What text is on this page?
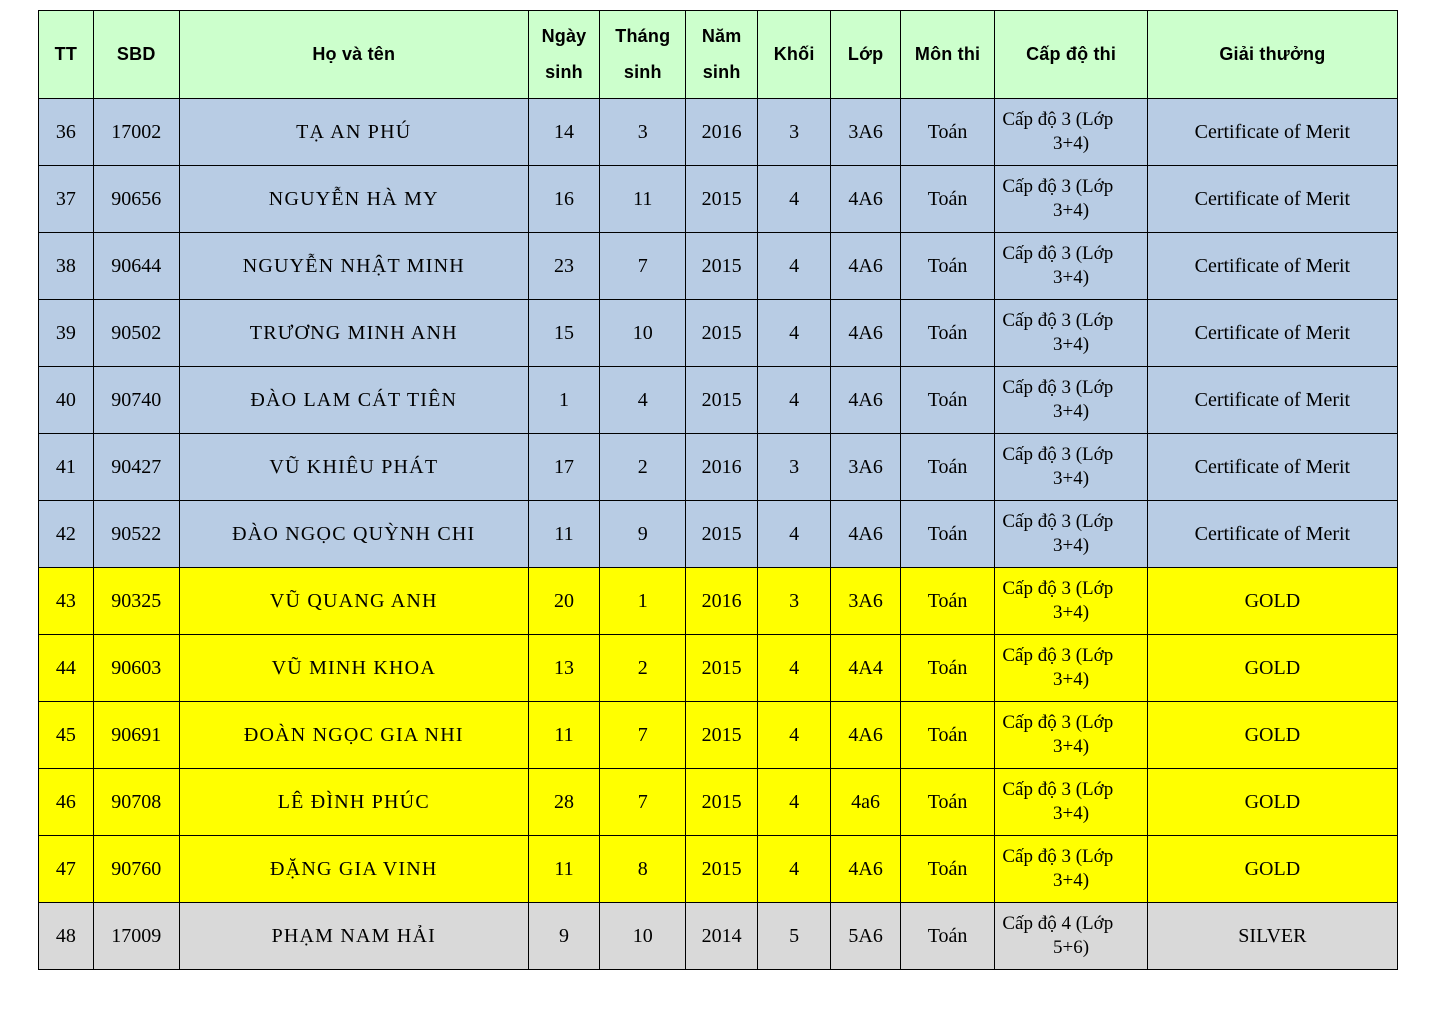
TT	SBD	Họ và tên	Ngày
sinh	Tháng
sinh	Năm
sinh	Khối	Lớp	Môn thi	Cấp độ thi	Giải thưởng
36	17002	TẠ AN PHÚ	14	3	2016	3	3A6	Toán	Cấp độ 3 (Lớp
3+4)	Certificate of Merit
37	90656	NGUYỄN HÀ MY	16	11	2015	4	4A6	Toán	Cấp độ 3 (Lớp
3+4)	Certificate of Merit
38	90644	NGUYỄN NHẬT MINH	23	7	2015	4	4A6	Toán	Cấp độ 3 (Lớp
3+4)	Certificate of Merit
39	90502	TRƯƠNG MINH ANH	15	10	2015	4	4A6	Toán	Cấp độ 3 (Lớp
3+4)	Certificate of Merit
40	90740	ĐÀO LAM CÁT TIÊN	1	4	2015	4	4A6	Toán	Cấp độ 3 (Lớp
3+4)	Certificate of Merit
41	90427	VŨ KHIÊU PHÁT	17	2	2016	3	3A6	Toán	Cấp độ 3 (Lớp
3+4)	Certificate of Merit
42	90522	ĐÀO NGỌC QUỲNH CHI	11	9	2015	4	4A6	Toán	Cấp độ 3 (Lớp
3+4)	Certificate of Merit
43	90325	VŨ QUANG ANH	20	1	2016	3	3A6	Toán	Cấp độ 3 (Lớp
3+4)	GOLD
44	90603	VŨ MINH KHOA	13	2	2015	4	4A4	Toán	Cấp độ 3 (Lớp
3+4)	GOLD
45	90691	ĐOÀN NGỌC GIA NHI	11	7	2015	4	4A6	Toán	Cấp độ 3 (Lớp
3+4)	GOLD
46	90708	LÊ ĐÌNH PHÚC	28	7	2015	4	4a6	Toán	Cấp độ 3 (Lớp
3+4)	GOLD
47	90760	ĐẶNG GIA VINH	11	8	2015	4	4A6	Toán	Cấp độ 3 (Lớp
3+4)	GOLD
48	17009	PHẠM NAM HẢI	9	10	2014	5	5A6	Toán	Cấp độ 4 (Lớp
5+6)	SILVER
